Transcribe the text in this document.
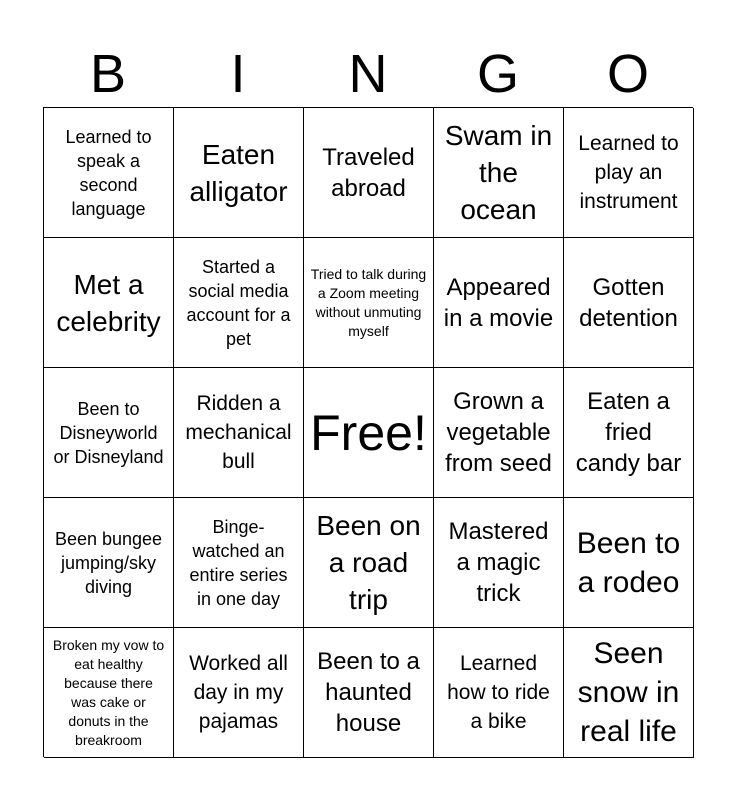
B	I	N	G	O
Learned to speak a second language
Eaten alligator
Traveled abroad
Swam in the ocean
Learned to play an instrument
Met a celebrity
Started a social media account for a pet
Tried to talk during a Zoom meeting without unmuting myself
Appeared in a movie
Gotten detention
Been to Disneyworld or Disneyland
Ridden a mechanical bull
Free!
Grown a vegetable from seed
Eaten a fried candy bar
Been bungee jumping/sky diving
Binge-watched an entire series in one day
Been on a road trip
Mastered a magic trick
Been to a rodeo
Broken my vow to eat healthy because there was cake or donuts in the breakroom
Worked all day in my pajamas
Been to a haunted house
Learned how to ride a bike
Seen snow in real life
